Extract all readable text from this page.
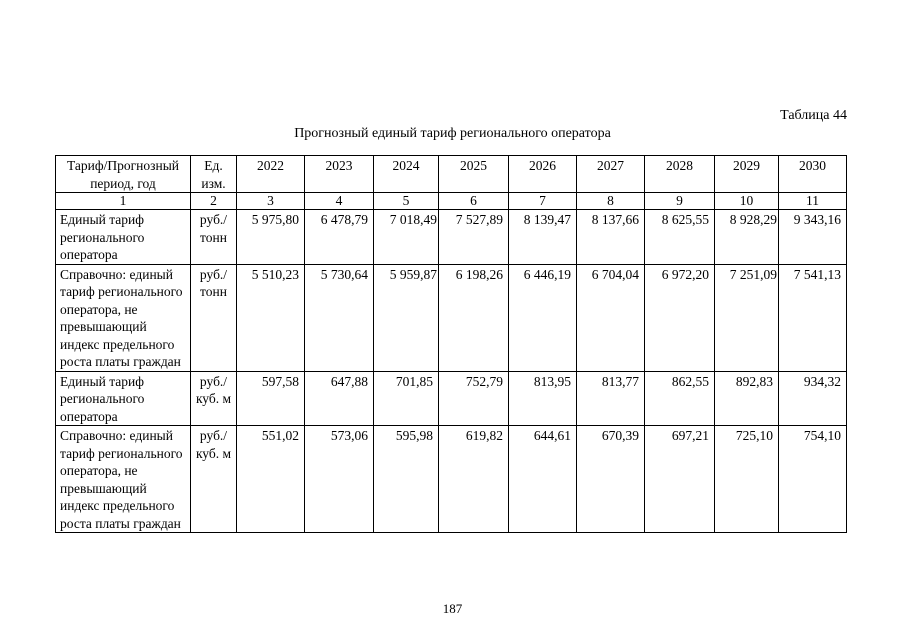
Таблица 44
Прогнозный единый тариф регионального оператора
Тариф/Прогнозный период, год	Ед. изм.	2022	2023	2024	2025	2026	2027	2028	2029	2030
1	2	3	4	5	6	7	8	9	10	11
Единый тариф регионального оператора	руб./тонн	5 975,80	6 478,79	7 018,49	7 527,89	8 139,47	8 137,66	8 625,55	8 928,29	9 343,16
Справочно: единый тариф регионального оператора, не превышающий индекс предельного роста платы граждан	руб./тонн	5 510,23	5 730,64	5 959,87	6 198,26	6 446,19	6 704,04	6 972,20	7 251,09	7 541,13
Единый тариф регионального оператора	руб./куб. м	597,58	647,88	701,85	752,79	813,95	813,77	862,55	892,83	934,32
Справочно: единый тариф регионального оператора, не превышающий индекс предельного роста платы граждан	руб./куб. м	551,02	573,06	595,98	619,82	644,61	670,39	697,21	725,10	754,10
187
